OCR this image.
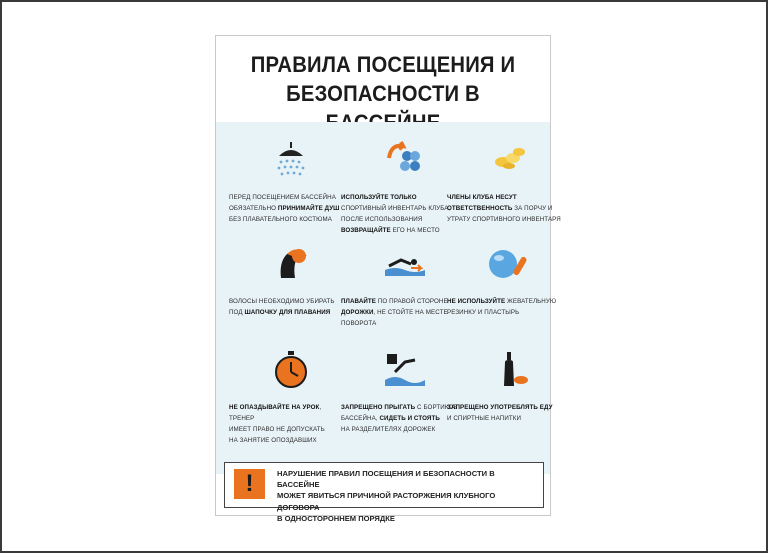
ПРАВИЛА ПОСЕЩЕНИЯ И
БЕЗОПАСНОСТИ В
ПЕРЕД ПОСЕЩЕНИЕМ БАССЕЙНА
ОБЯЗАТЕЛЬНО ПРИНИМАЙТЕ ДУШ
БЕЗ ПЛАВАТЕЛЬНОГО КОСТЮМА
ИСПОЛЬЗУЙТЕ ТОЛЬКО
СПОРТИВНЫЙ ИНВЕНТАРЬ КЛУБА,
ПОСЛЕ ИСПОЛЬЗОВАНИЯ
ВОЗВРАЩАЙТЕ ЕГО НА МЕСТО
ЧЛЕНЫ КЛУБА НЕСУТ
ОТВЕТСТВЕННОСТЬ ЗА ПОРЧУ И
УТРАТУ СПОРТИВНОГО ИНВЕНТАРЯ
ВОЛОСЫ НЕОБХОДИМО УБИРАТЬ
ПОД ШАПОЧКУ ДЛЯ ПЛАВАНИЯ
ПЛАВАЙТЕ ПО ПРАВОЙ СТОРОНЕ
ДОРОЖКИ, НЕ СТОЙТЕ НА МЕСТЕ
ПОВОРОТА
НЕ ИСПОЛЬЗУЙТЕ ЖЕВАТЕЛЬНУЮ
РЕЗИНКУ И ПЛАСТЫРЬ
НЕ ОПАЗДЫВАЙТЕ НА УРОК, ТРЕНЕР
ИМЕЕТ ПРАВО НЕ ДОПУСКАТЬ
НА ЗАНЯТИЕ ОПОЗДАВШИХ
ЗАПРЕЩЕНО ПРЫГАТЬ С БОРТИКОВ
БАССЕЙНА, СИДЕТЬ И СТОЯТЬ
НА РАЗДЕЛИТЕЛЯХ ДОРОЖЕК
ЗАПРЕЩЕНО УПОТРЕБЛЯТЬ ЕДУ
И СПИРТНЫЕ НАПИТКИ
!	НАРУШЕНИЕ ПРАВИЛ ПОСЕЩЕНИЯ И БЕЗОПАСНОСТИ В БАССЕЙНЕ
МОЖЕТ ЯВИТЬСЯ ПРИЧИНОЙ РАСТОРЖЕНИЯ КЛУБНОГО ДОГОВОРА
В ОДНОСТОРОННЕМ ПОРЯДКЕ
